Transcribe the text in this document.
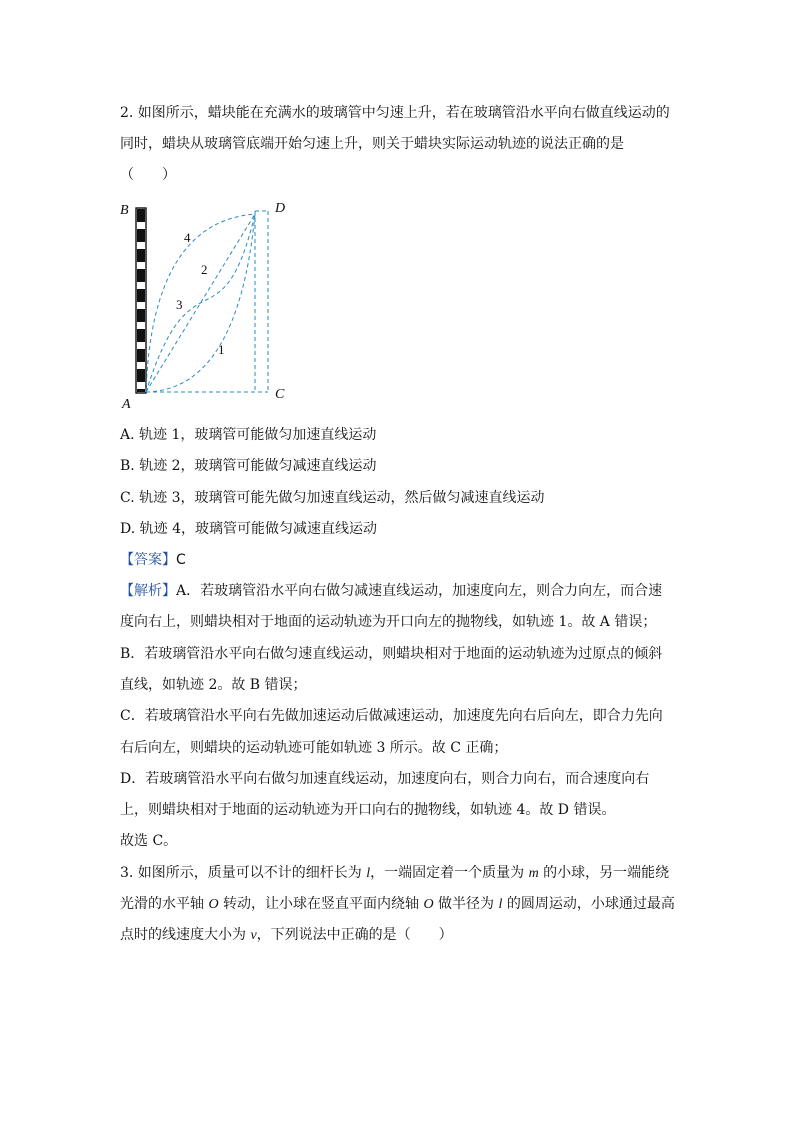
2. 如图所示，蜡块能在充满水的玻璃管中匀速上升，若在玻璃管沿水平向右做直线运动的
同时，蜡块从玻璃管底端开始匀速上升，则关于蜡块实际运动轨迹的说法正确的是
（　　）
B	D
A
C
1
2
3
4
A. 轨迹 1，玻璃管可能做匀加速直线运动
B. 轨迹 2，玻璃管可能做匀减速直线运动
C. 轨迹 3，玻璃管可能先做匀加速直线运动，然后做匀减速直线运动
D. 轨迹 4，玻璃管可能做匀减速直线运动
【答案】C
【解析】A．若玻璃管沿水平向右做匀减速直线运动，加速度向左，则合力向左，而合速
度向右上，则蜡块相对于地面的运动轨迹为开口向左的抛物线，如轨迹 1。故 A 错误；
B．若玻璃管沿水平向右做匀速直线运动，则蜡块相对于地面的运动轨迹为过原点的倾斜
直线，如轨迹 2。故 B 错误；
C．若玻璃管沿水平向右先做加速运动后做减速运动，加速度先向右后向左，即合力先向
右后向左，则蜡块的运动轨迹可能如轨迹 3 所示。故 C 正确；
D．若玻璃管沿水平向右做匀加速直线运动，加速度向右，则合力向右，而合速度向右
上，则蜡块相对于地面的运动轨迹为开口向右的抛物线，如轨迹 4。故 D 错误。
故选 C。
3. 如图所示，质量可以不计的细杆长为 l，一端固定着一个质量为 m 的小球，另一端能绕
光滑的水平轴 O 转动，让小球在竖直平面内绕轴 O 做半径为 l 的圆周运动，小球通过最高
点时的线速度大小为 v，下列说法中正确的是（　　）
